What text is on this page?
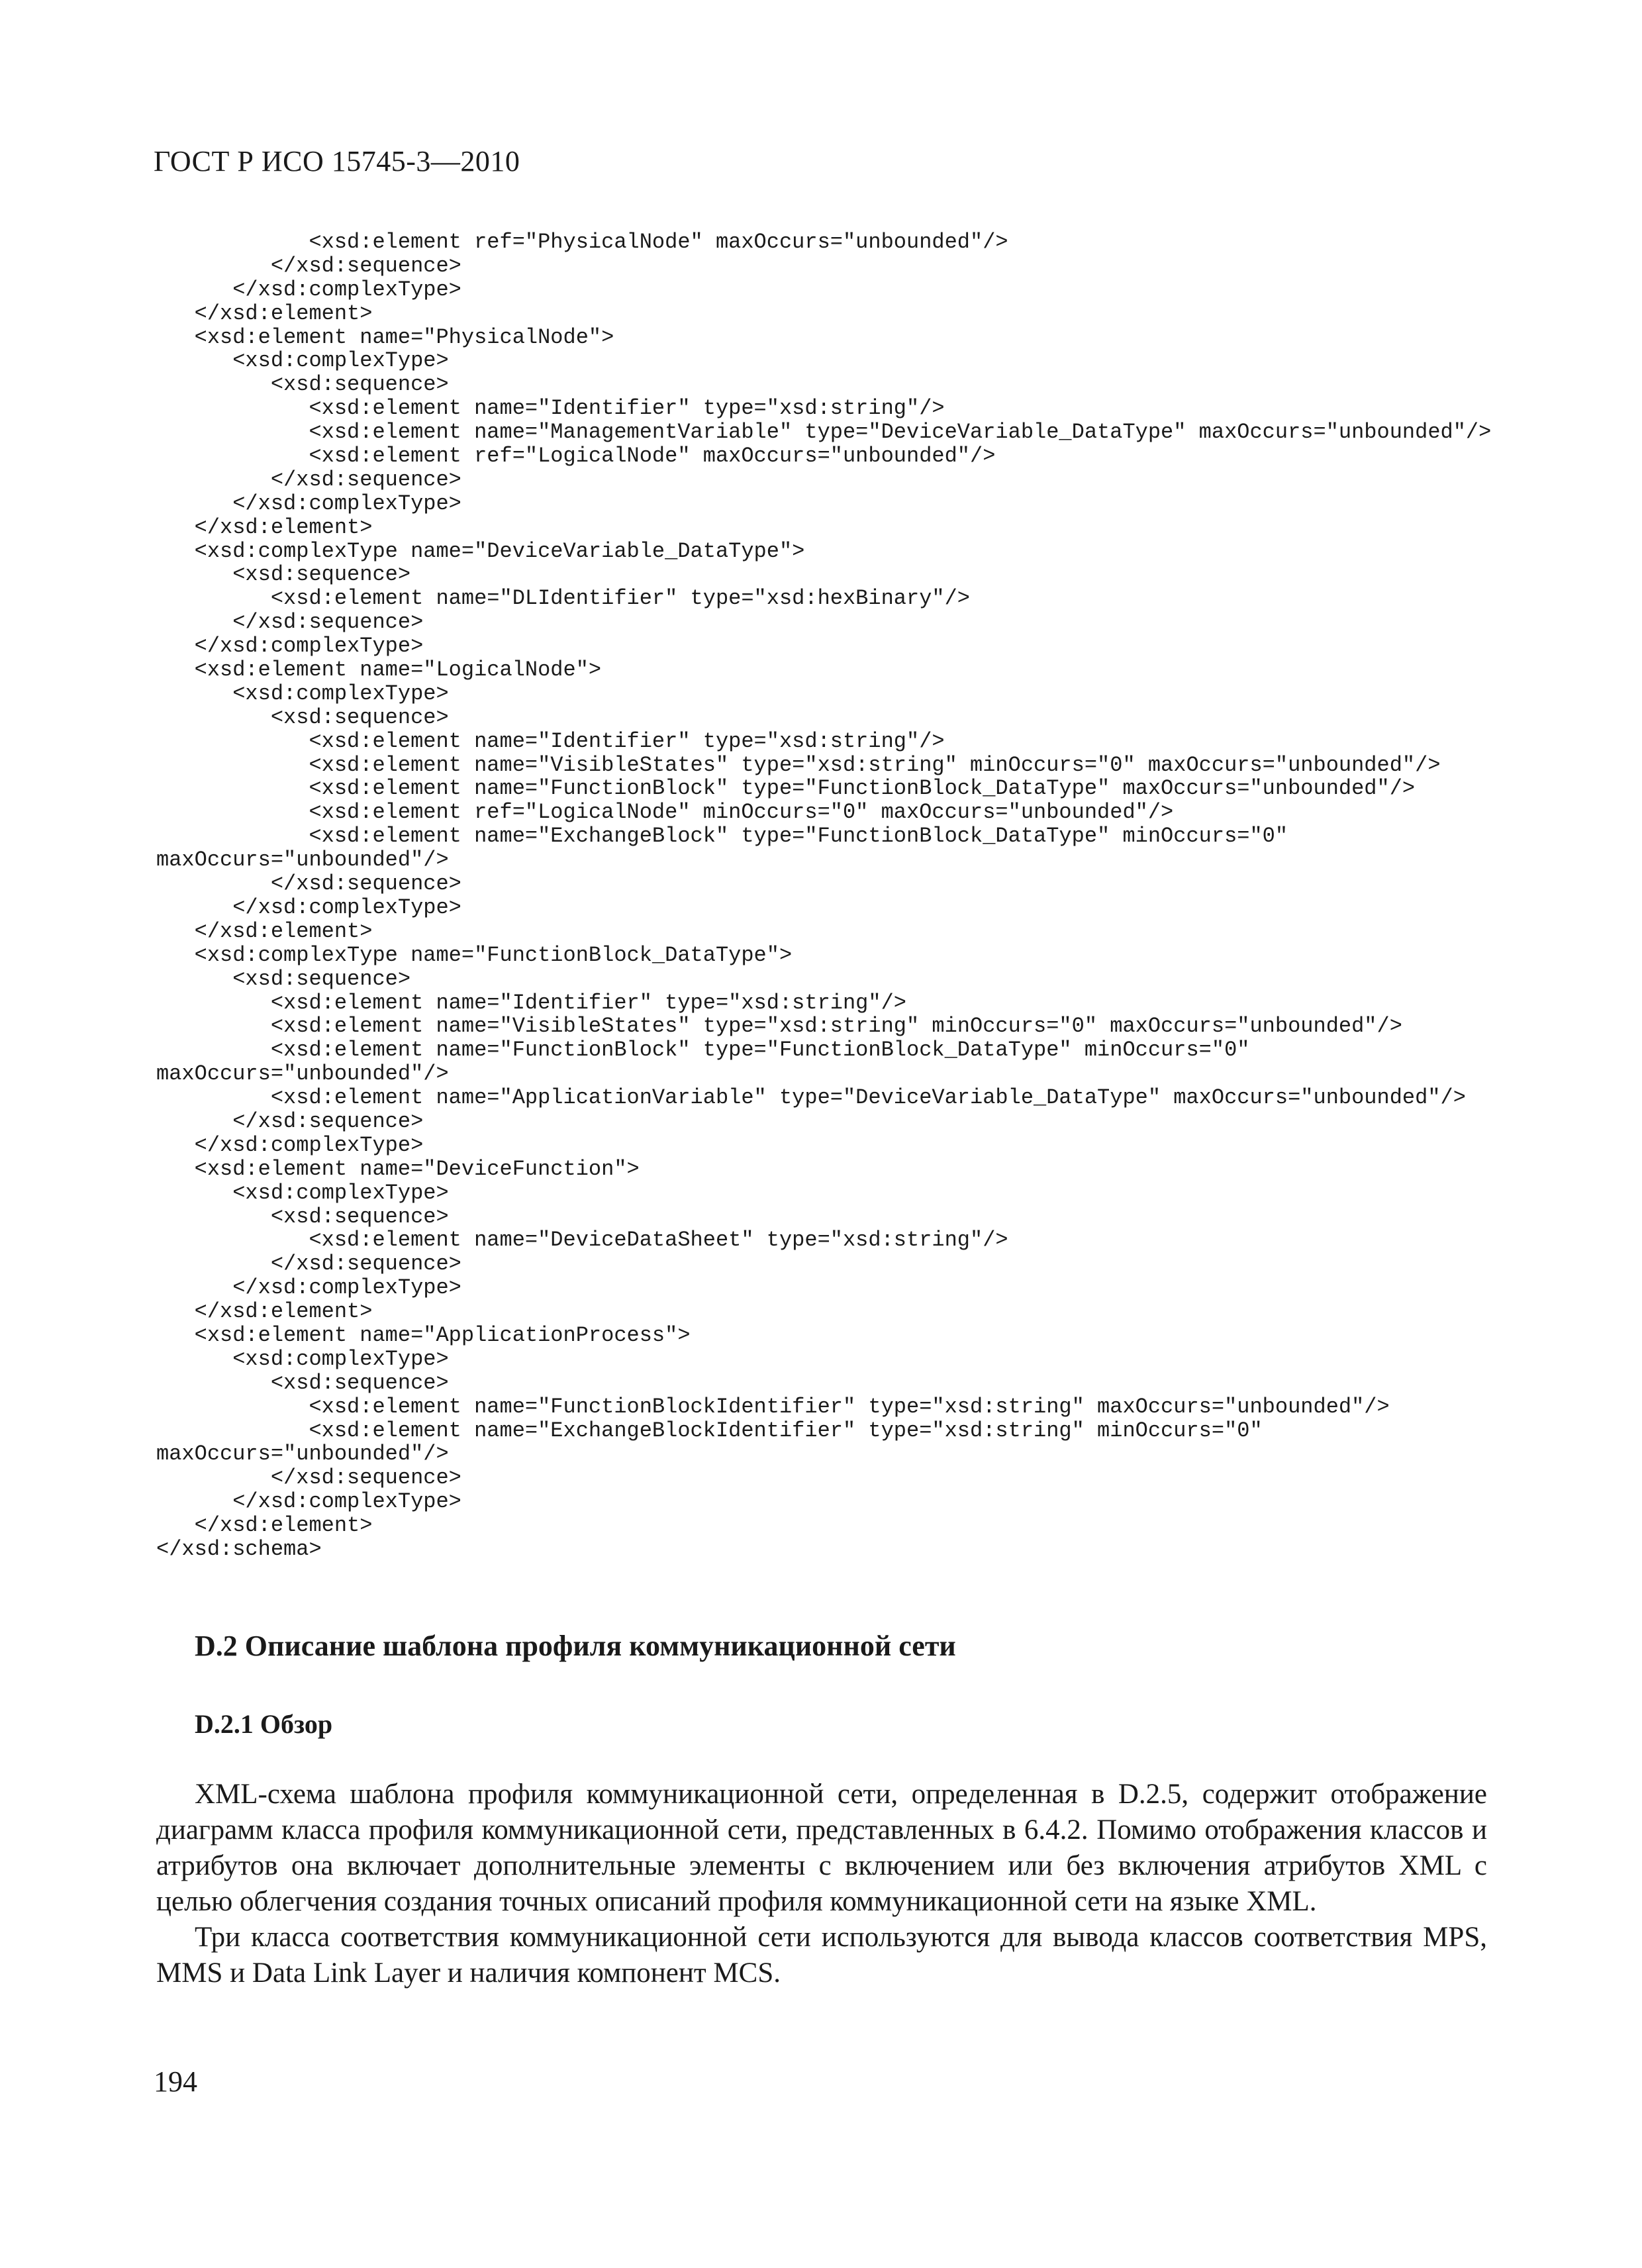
ГОСТ Р ИСО 15745-3—2010
<xsd:element ref="PhysicalNode" maxOccurs="unbounded"/>
</xsd:sequence>
</xsd:complexType>
</xsd:element>
<xsd:element name="PhysicalNode">
<xsd:complexType>
<xsd:sequence>
<xsd:element name="Identifier" type="xsd:string"/>
<xsd:element name="ManagementVariable" type="DeviceVariable_DataType" maxOccurs="unbounded"/>
<xsd:element ref="LogicalNode" maxOccurs="unbounded"/>
</xsd:sequence>
</xsd:complexType>
</xsd:element>
<xsd:complexType name="DeviceVariable_DataType">
<xsd:sequence>
<xsd:element name="DLIdentifier" type="xsd:hexBinary"/>
</xsd:sequence>
</xsd:complexType>
<xsd:element name="LogicalNode">
<xsd:complexType>
<xsd:sequence>
<xsd:element name="Identifier" type="xsd:string"/>
<xsd:element name="VisibleStates" type="xsd:string" minOccurs="0" maxOccurs="unbounded"/>
<xsd:element name="FunctionBlock" type="FunctionBlock_DataType" maxOccurs="unbounded"/>
<xsd:element ref="LogicalNode" minOccurs="0" maxOccurs="unbounded"/>
<xsd:element name="ExchangeBlock" type="FunctionBlock_DataType" minOccurs="0"
maxOccurs="unbounded"/>
</xsd:sequence>
</xsd:complexType>
</xsd:element>
<xsd:complexType name="FunctionBlock_DataType">
<xsd:sequence>
<xsd:element name="Identifier" type="xsd:string"/>
<xsd:element name="VisibleStates" type="xsd:string" minOccurs="0" maxOccurs="unbounded"/>
<xsd:element name="FunctionBlock" type="FunctionBlock_DataType" minOccurs="0"
maxOccurs="unbounded"/>
<xsd:element name="ApplicationVariable" type="DeviceVariable_DataType" maxOccurs="unbounded"/>
</xsd:sequence>
</xsd:complexType>
<xsd:element name="DeviceFunction">
<xsd:complexType>
<xsd:sequence>
<xsd:element name="DeviceDataSheet" type="xsd:string"/>
</xsd:sequence>
</xsd:complexType>
</xsd:element>
<xsd:element name="ApplicationProcess">
<xsd:complexType>
<xsd:sequence>
<xsd:element name="FunctionBlockIdentifier" type="xsd:string" maxOccurs="unbounded"/>
<xsd:element name="ExchangeBlockIdentifier" type="xsd:string" minOccurs="0"
maxOccurs="unbounded"/>
</xsd:sequence>
</xsd:complexType>
</xsd:element>
</xsd:schema>
D.2 Описание шаблона профиля коммуникационной сети
D.2.1 Обзор

XML-схема шаблона профиля коммуникационной сети, определенная в D.2.5, содержит отображение диаграмм класса профиля коммуникационной сети, представленных в 6.4.2. Помимо отображения классов и атрибутов она включает дополнительные элементы с включением или без включения атрибутов XML с целью облегчения создания точных описаний профиля коммуникационной сети на языке XML.

Три класса соответствия коммуникационной сети используются для вывода классов соответствия MPS, MMS и Data Link Layer и наличия компонент MCS.

194
